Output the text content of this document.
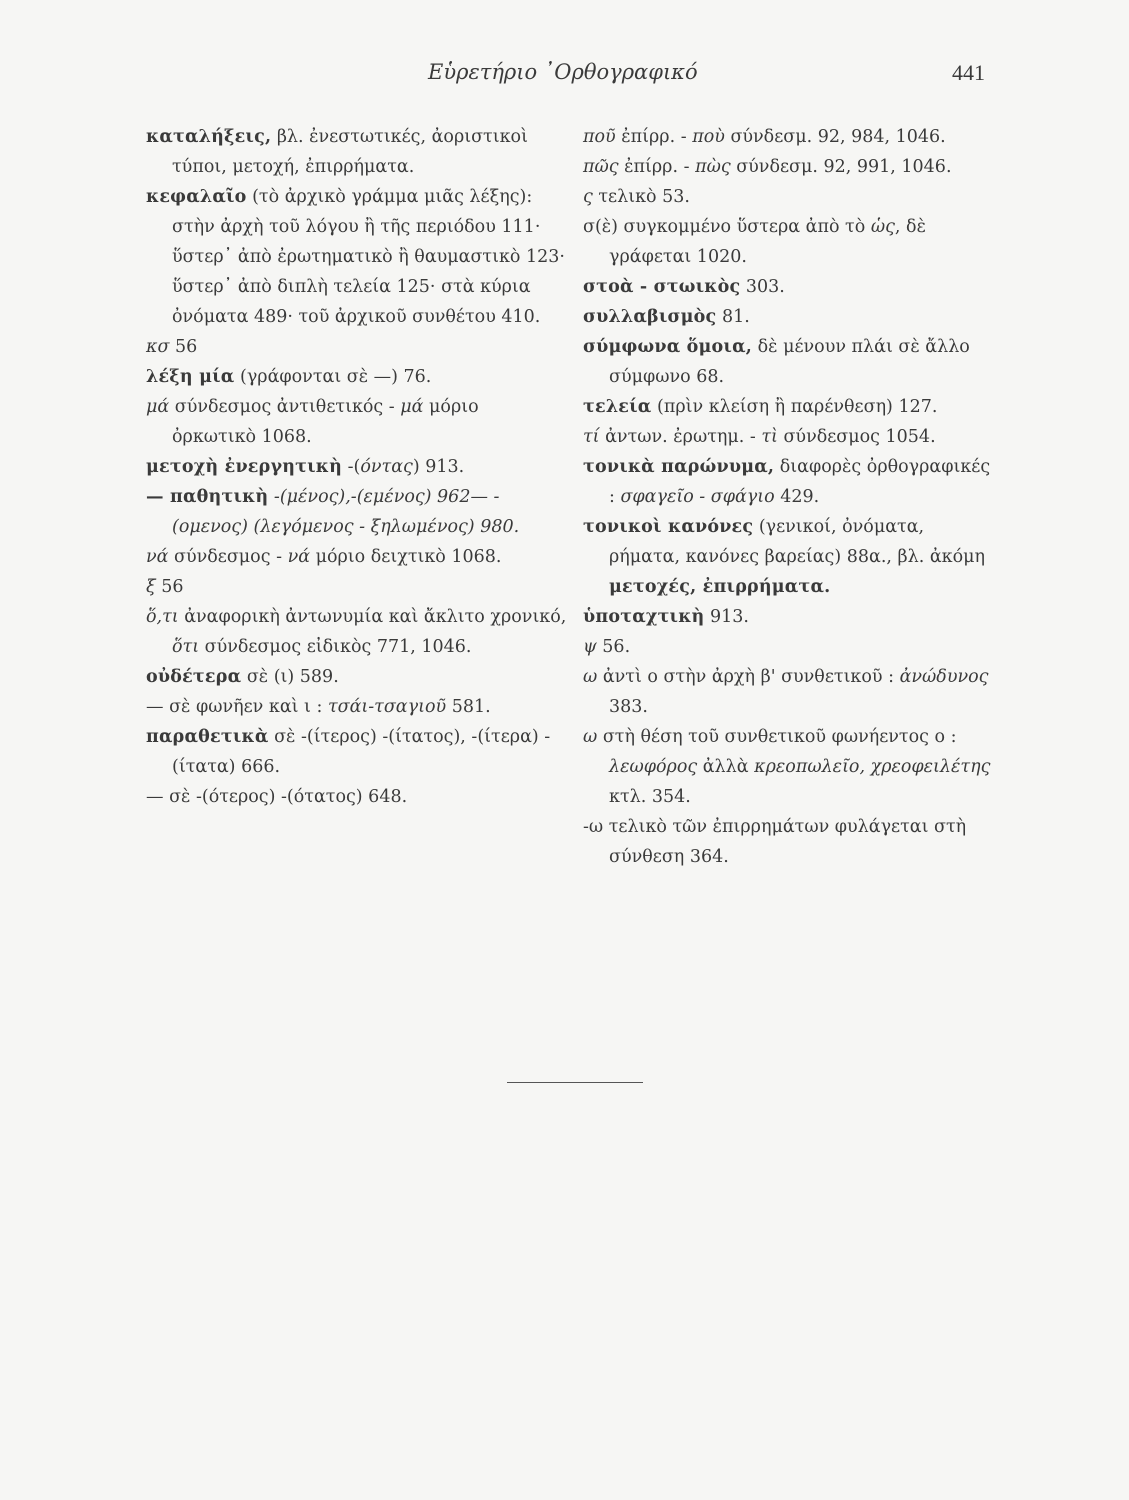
Εὑρετήριο ᾿Ορθογραφικό	441

καταλήξεις, βλ. ἐνεστωτικές, ἀοριστικοὶ τύποι, μετοχή, ἐπιρρήματα.

κεφαλαῖο (τὸ ἀρχικὸ γράμμα μιᾶς λέξης): στὴν ἀρχὴ τοῦ λόγου ἢ τῆς περιόδου 111· ὕστερ᾿ ἀπὸ ἐρωτηματικὸ ἢ θαυμαστικὸ 123· ὕστερ᾿ ἀπὸ διπλὴ τελεία 125· στὰ κύρια ὀνόματα 489· τοῦ ἀρχικοῦ συνθέτου 410.

κσ 56

λέξη μία (γράφονται σὲ —) 76.

μά σύνδεσμος ἀντιθετικός - μά μόριο ὀρκωτικὸ 1068.

μετοχὴ ἐνεργητικὴ -(όντας) 913.

— παθητικὴ -(μένος),-(εμένος) 962— -(ομενος) (λεγόμενος - ξηλωμένος) 980.

νά σύνδεσμος - νά μόριο δειχτικὸ 1068.

ξ 56

ὅ,τι ἀναφορικὴ ἀντωνυμία καὶ ἄκλιτο χρονικό, ὅτι σύνδεσμος εἰδικὸς 771, 1046.

οὐδέτερα σὲ (ι) 589.

— σὲ φωνῆεν καὶ ι : τσάι-τσαγιοῦ 581.

παραθετικὰ σὲ -(ίτερος) -(ίτατος), -(ίτερα) -(ίτατα) 666.

— σὲ -(ότερος) -(ότατος) 648.

ποῦ ἐπίρρ. - ποὺ σύνδεσμ. 92, 984, 1046.

πῶς ἐπίρρ. - πὼς σύνδεσμ. 92, 991, 1046.

ς τελικὸ 53.

σ(ὲ) συγκομμένο ὕστερα ἀπὸ τὸ ὡς, δὲ γράφεται 1020.

στοὰ - στωικὸς 303.

συλλαβισμὸς 81.

σύμφωνα ὅμοια, δὲ μένουν πλάι σὲ ἄλλο σύμφωνο 68.

τελεία (πρὶν κλείση ἢ παρένθεση) 127.

τί ἀντων. ἐρωτημ. - τὶ σύνδεσμος 1054.

τονικὰ παρώνυμα, διαφορὲς ὀρθογραφικές : σφαγεῖο - σφάγιο 429.

τονικοὶ κανόνες (γενικοί, ὀνόματα, ρήματα, κανόνες βαρείας) 88α., βλ. ἀκόμη μετοχές, ἐπιρρήματα.

ὑποταχτικὴ 913.

ψ 56.

ω ἀντὶ ο στὴν ἀρχὴ β' συνθετικοῦ : ἀνώδυνος 383.

ω στὴ θέση τοῦ συνθετικοῦ φωνήεντος ο : λεωφόρος ἀλλὰ κρεοπωλεῖο, χρεοφειλέτης κτλ. 354.

-ω τελικὸ τῶν ἐπιρρημάτων φυλάγεται στὴ σύνθεση 364.
